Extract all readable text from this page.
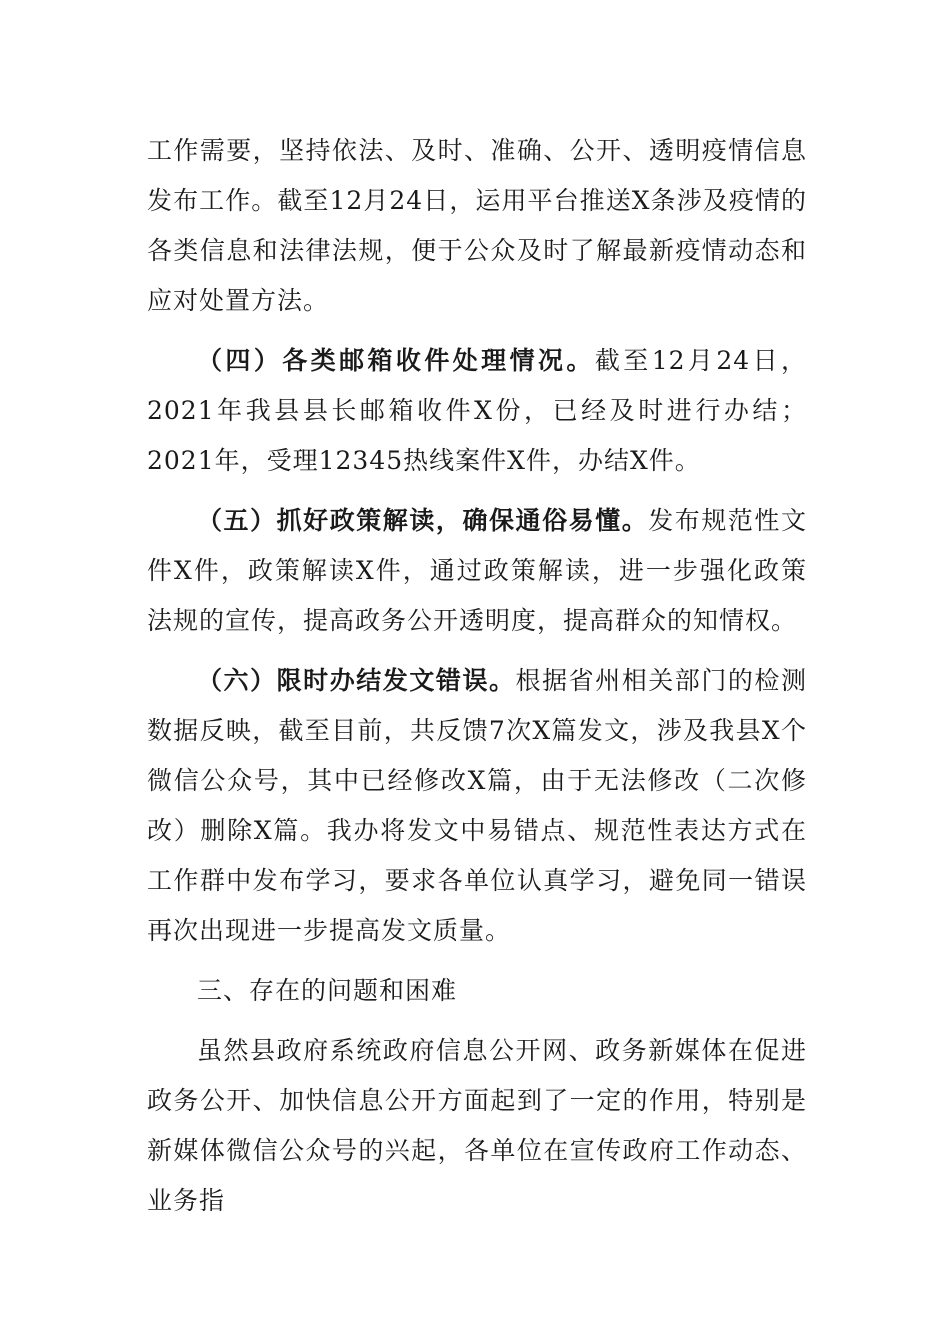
工作需要，坚持依法、及时、准确、公开、透明疫情信息发布工作。截至12月24日，运用平台推送X条涉及疫情的各类信息和法律法规，便于公众及时了解最新疫情动态和应对处置方法。

（四）各类邮箱收件处理情况。截至12月24日，2021年我县县长邮箱收件X份，已经及时进行办结；2021年，受理12345热线案件X件，办结X件。

（五）抓好政策解读，确保通俗易懂。发布规范性文件X件，政策解读X件，通过政策解读，进一步强化政策法规的宣传，提高政务公开透明度，提高群众的知情权。

（六）限时办结发文错误。根据省州相关部门的检测数据反映，截至目前，共反馈7次X篇发文，涉及我县X个微信公众号，其中已经修改X篇，由于无法修改（二次修改）删除X篇。我办将发文中易错点、规范性表达方式在工作群中发布学习，要求各单位认真学习，避免同一错误再次出现进一步提高发文质量。

三、存在的问题和困难

虽然县政府系统政府信息公开网、政务新媒体在促进政务公开、加快信息公开方面起到了一定的作用，特别是新媒体微信公众号的兴起，各单位在宣传政府工作动态、业务指
